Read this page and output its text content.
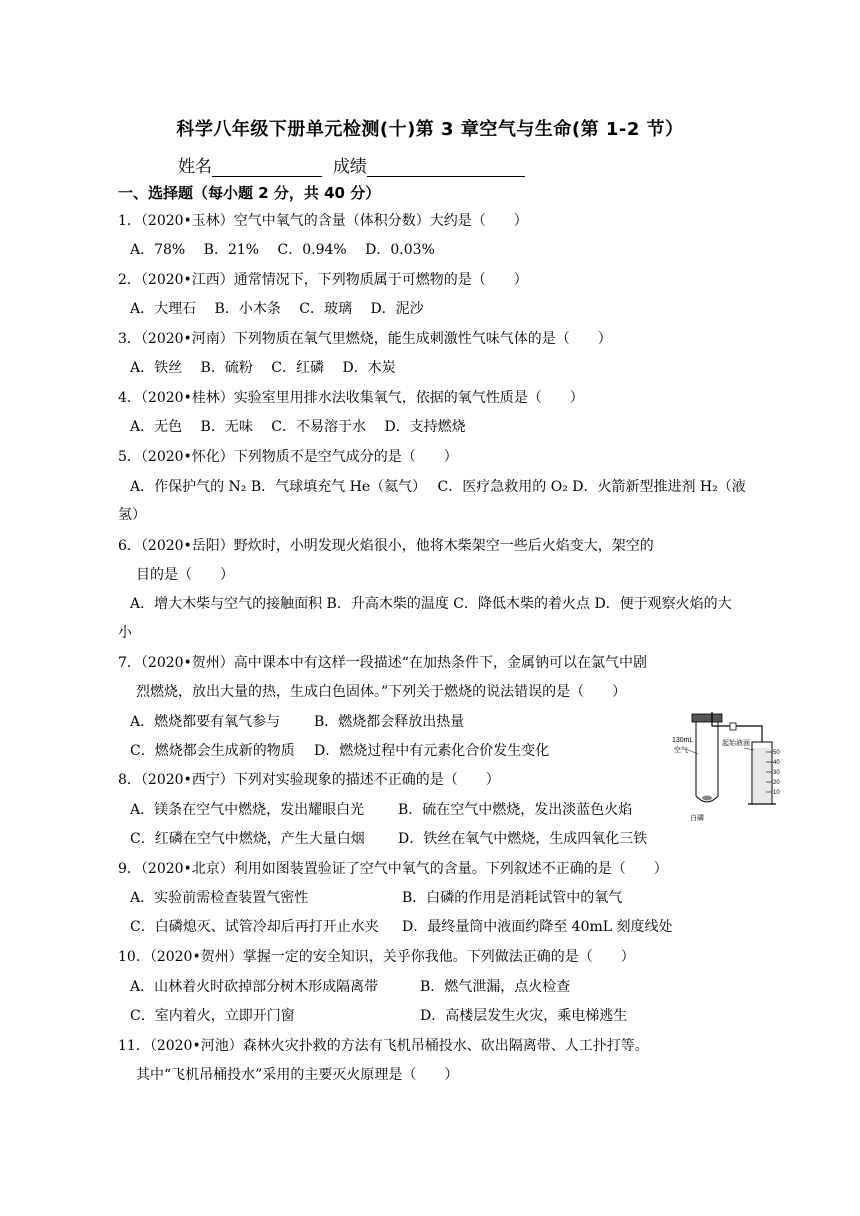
科学八年级下册单元检测(十)第 3 章空气与生命(第 1-2 节）
姓名	成绩
一、选择题（每小题 2 分，共 40 分）
1．（2020•玉林）空气中氧气的含量（体积分数）大约是（　　）
A．78%　 B．21%　 C．0.94%　 D．0.03%
2．（2020•江西）通常情况下，下列物质属于可燃物的是（　　）
A．大理石　 B．小木条　 C．玻璃　 D．泥沙
3．（2020•河南）下列物质在氧气里燃烧，能生成刺激性气味气体的是（　　）
A．铁丝　 B．硫粉　 C．红磷　 D．木炭
4．（2020•桂林）实验室里用排水法收集氧气，依据的氧气性质是（　　）
A．无色　 B．无味　 C．不易溶于水　 D．支持燃烧
5．（2020•怀化）下列物质不是空气成分的是（　　）
A．作保护气的 N₂ B．气球填充气 He（氦气）　 C．医疗急救用的 O₂ D．火箭新型推进剂 H₂（液
氢）
6．（2020•岳阳）野炊时，小明发现火焰很小，他将木柴架空一些后火焰变大，架空的
目的是（　　）
A．增大木柴与空气的接触面积 B．升高木柴的温度 C．降低木柴的着火点 D．便于观察火焰的大
小
7．（2020•贺州）高中课本中有这样一段描述“在加热条件下，金属钠可以在氯气中剧
烈燃烧，放出大量的热，生成白色固体。”下列关于燃烧的说法错误的是（　　）
A．燃烧都要有氧气参与 B．燃烧都会释放出热量
C．燃烧都会生成新的物质 D．燃烧过程中有元素化合价发生变化
8．（2020•西宁）下列对实验现象的描述不正确的是（　　）
A．镁条在空气中燃烧，发出耀眼白光 B．硫在空气中燃烧，发出淡蓝色火焰
C．红磷在空气中燃烧，产生大量白烟 D．铁丝在氧气中燃烧，生成四氧化三铁
9．（2020•北京）利用如图装置验证了空气中氧气的含量。下列叙述不正确的是（　　）
A．实验前需检查装置气密性	B．白磷的作用是消耗试管中的氧气
C．白磷熄灭、试管冷却后再打开止水夹 D．最终量筒中液面约降至 40mL 刻度线处
10．（2020•贺州）掌握一定的安全知识，关乎你我他。下列做法正确的是（　　）
A．山林着火时砍掉部分树木形成隔离带	B．燃气泄漏，点火检查
C．室内着火，立即开门窗	D．高楼层发生火灾，乘电梯逃生
11．（2020•河池）森林火灾扑救的方法有飞机吊桶投水、砍出隔离带、人工扑打等。
其中“飞机吊桶投水”采用的主要灭火原理是（　　）
50
40
30
20
10
130mL
空气
起始液面
白磷
